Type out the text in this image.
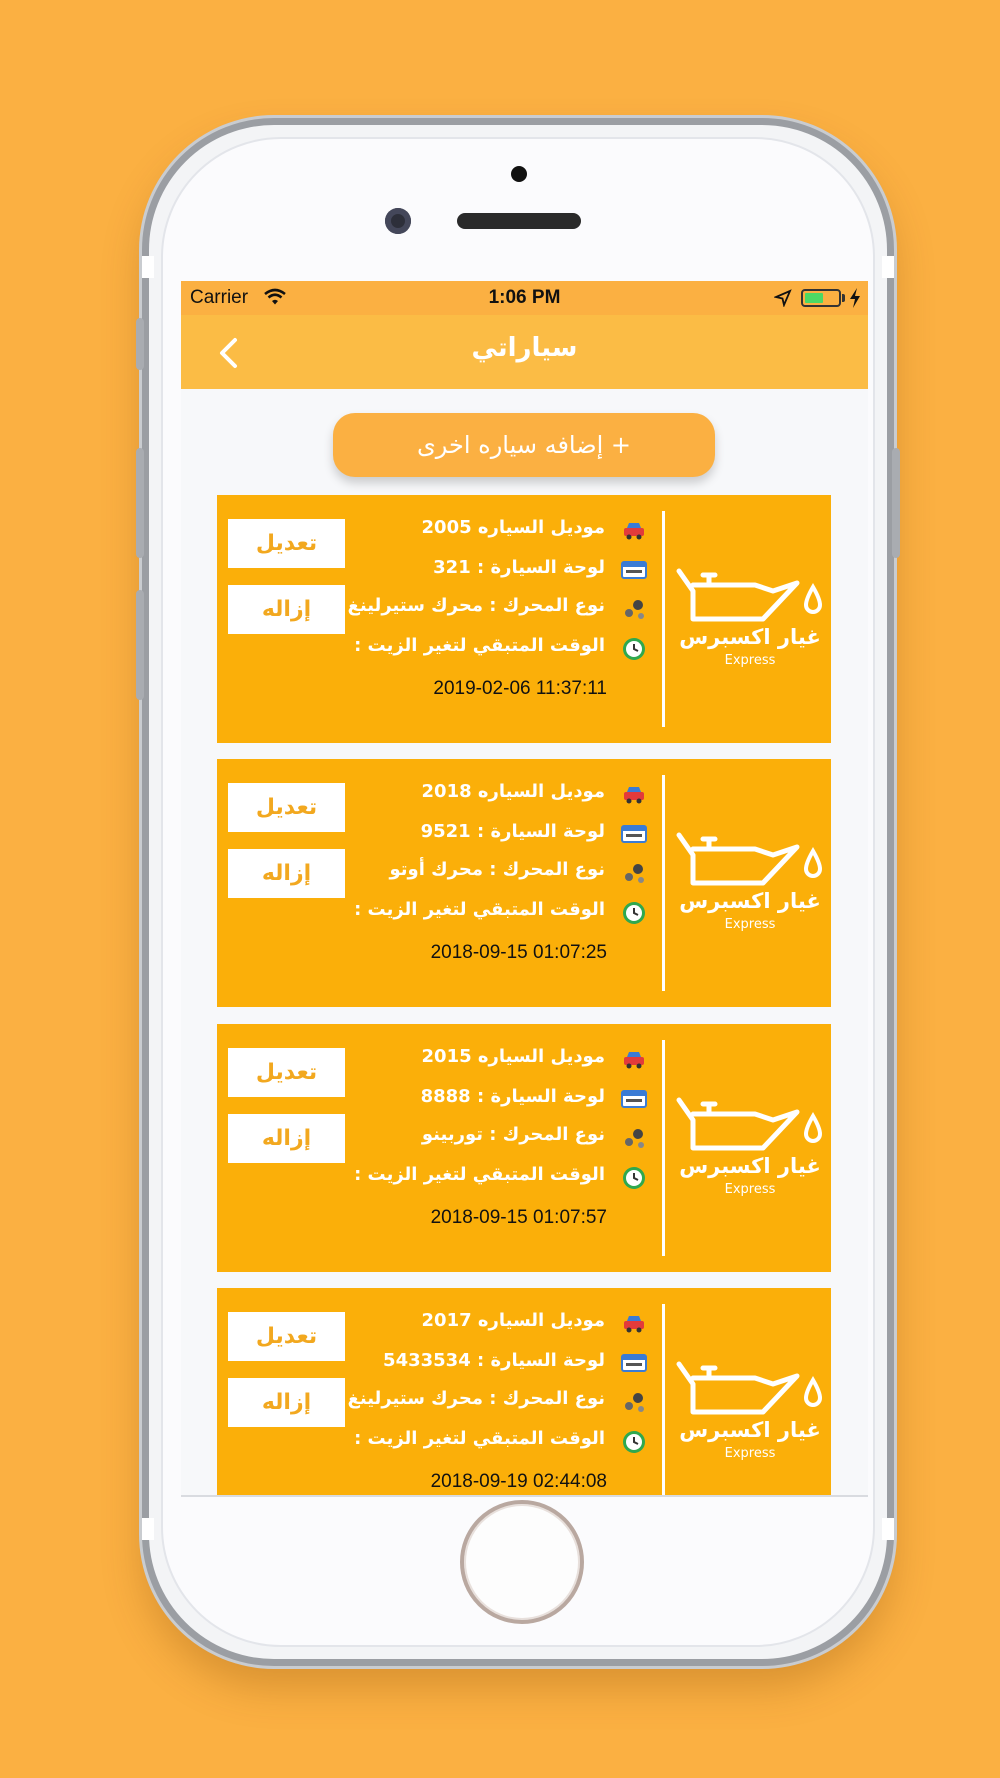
Carrier	1:06 PM
سياراتي
إضافه سياره اخرى +
تعديل
إزاله
موديل السياره 2005
لوحة السيارة : 321
نوع المحرك : محرك ستيرلينغ
الوقت المتبقي لتغير الزيت :
2019-02-06 11:37:11
غيار اكسبرس
Express
تعديل
إزاله
موديل السياره 2018
لوحة السيارة : 9521
نوع المحرك : محرك أوتو
الوقت المتبقي لتغير الزيت :
2018-09-15 01:07:25
غيار اكسبرس
Express
تعديل
إزاله
موديل السياره 2015
لوحة السيارة : 8888
نوع المحرك : توربينو
الوقت المتبقي لتغير الزيت :
2018-09-15 01:07:57
غيار اكسبرس
Express
تعديل
إزاله
موديل السياره 2017
لوحة السيارة : 5433534
نوع المحرك : محرك ستيرلينغ
الوقت المتبقي لتغير الزيت :
2018-09-19 02:44:08
غيار اكسبرس
Express
